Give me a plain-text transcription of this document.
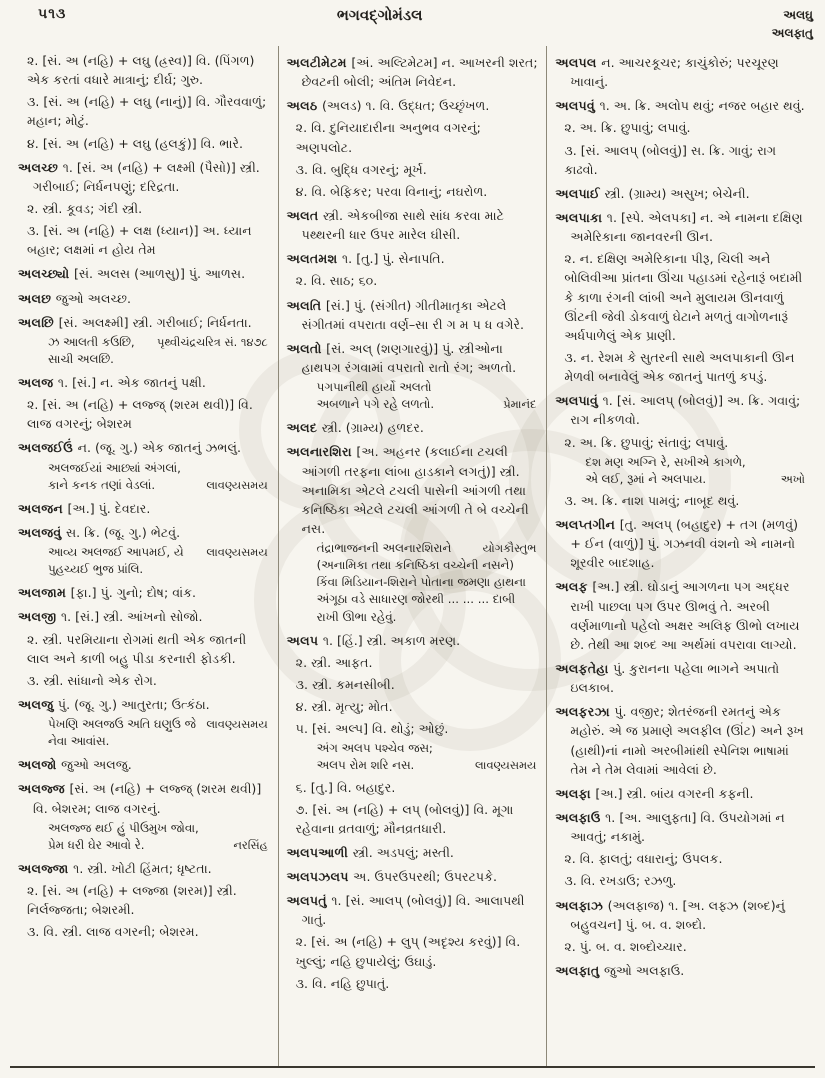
૫૧૩	ભગવદ્ગોમંડલ	અલઘુ
અલફાતુ

૨. [સં. અ (નહિ) + લઘુ (હ્રસ્વ)] વિ. (પિંગળ) એક કરતાં વધારે માત્રાનું; દીર્ઘ; ગુરુ.

૩. [સં. અ (નહિ) + લઘુ (નાનું)] વિ. ગૌરવવાળું; મહાન; મોટું.

૪. [સં. અ (નહિ) + લઘુ (હલકું)] વિ. ભારે.

અલચ્છ ૧. [સં. અ (નહિ) + લક્ષ્મી (પૈસો)] સ્ત્રી. ગરીબાઈ; નિર્ધનપણું; દરિદ્રતા.

૨. સ્ત્રી. કૂવડ; ગંદી સ્ત્રી.

૩. [સં. અ (નહિ) + લક્ષ (ધ્યાન)] અ. ધ્યાન બહાર; લક્ષમાં ન હોય તેમ

અલચ્છ્યો [સં. અલસ (આળસુ)] પું. આળસ.

અલછ જુઓ અલચ્છ.

અલછિ [સં. અલક્ષ્મી] સ્ત્રી. ગરીબાઈ; નિર્ધનતા.

પૃથ્વીચંદ્રચરિત્ર સં. ૧૪૭૮
ઝ આલતી કઉછિ, સાચી અલછિ.

અલજ ૧. [સં.] ન. એક જાતનું પક્ષી.

૨. [સં. અ (નહિ) + લજ્જ્ (શરમ થવી)] વિ. લાજ વગરનું; બેશરમ

અલજઈઉં ન. (જૂ. ગુ.) એક જાતનું ઝભલું.

અલજઈયાં આછ્યાં અંગલાં,
લાવણ્યસમય
કાને કનક તણાં વેડલાં.

અલજન [અ.] પું. દેવદાર.

અલજવું સ. ક્રિ. (જૂ. ગુ.) ભેટવું.

લાવણ્યસમય
આવ્ય અલજઈ આપમઈ, યે પુહચ્યઈ ભુજ પ્રાંલિ.

અલજામ [ફા.] પું. ગુનો; દોષ; વાંક.

અલજી ૧. [સં.] સ્ત્રી. આંખનો સોજો.

૨. સ્ત્રી. પરમિયાના રોગમાં થતી એક જાતની લાલ અને કાળી બહુ પીડા કરનારી ફોડકી.

૩. સ્ત્રી. સાંધાનો એક રોગ.

અલજુ પું. (જૂ. ગુ.) આતુરતા; ઉત્કંઠા.

લાવણ્યસમય
પેખણિ અલજઉ અતિ ઘણુઉ જે નેવા આવાંસ.

અલજો જુઓ અલજુ.

અલજ્જ [સં. અ (નહિ) + લજ્જ્ (શરમ થવી)] વિ. બેશરમ; લાજ વગરનું.

અલજ્જ થઈ હું પીઉમુખ જોવા,
નરસિંહ
પ્રેમ ધરી ઘેર આવો રે.

અલજ્જા ૧. સ્ત્રી. ખોટી હિંમત; ધૃષ્ટતા.

૨. [સં. અ (નહિ) + લજ્જા (શરમ)] સ્ત્રી. નિર્લજ્જતા; બેશરમી.

૩. વિ. સ્ત્રી. લાજ વગરની; બેશરમ.

અલટીમેટમ [અં. અલ્ટિમેટમ] ન. આખરની શરત; છેવટની બોલી; અંતિમ નિવેદન.

અલઠ (અલડ) ૧. વિ. ઉદ્ધત; ઉચ્છૃંખળ.

૨. વિ. દુનિયાદારીના અનુભવ વગરનું; અણપલોટ.

૩. વિ. બુદ્ધિ વગરનું; મૂર્ખ.

૪. વિ. બેફિકર; પરવા વિનાનું; નઘરોળ.

અલત સ્ત્રી. એકબીજા સાથે સાંધ કરવા માટે પથ્થરની ધાર ઉપર મારેલ ઘીસી.

અલતમશ ૧. [તુ.] પું. સેનાપતિ.

૨. વિ. સાઠ; ૬૦.

અલતિ [સં.] પું. (સંગીત) ગીતીમાતૃકા એટલે સંગીતમાં વપરાતા વર્ણ–સા રી ગ મ પ ધ વગેરે.

અલતો [સં. અલ્ (શણગારવું)] પું. સ્ત્રીઓના હાથપગ રંગવામાં વપરાતો રાતો રંગ; અળતો.

પગપાનીથી હાર્યો અલતો
પ્રેમાનંદ
અબળાને પગે રહે લળતો.

અલદ સ્ત્રી. (ગ્રામ્ય) હળદર.

અલનારશિરા [અ. અહનર (કલાઈના ટચલી આંગળી તરફના લાંબા હાડકાને લગતું)] સ્ત્રી. અનામિકા એટલે ટચલી પાસેની આંગળી તથા કનિષ્ઠિકા એટલે ટચલી આંગળી તે બે વચ્ચેની નસ.

યોગકૌસ્તુભ
તંદ્રાભાજનની અલનારશિરાને (અનામિકા તથા કનિષ્ઠિકા વચ્ચેની નસને) કિંવા મિડિયાન-શિરાને પોતાના જમણા હાથના અંગૂઠા વડે સાધારણ જોરથી ... ... ... દાબી રાખી ઊભા રહેવું.

અલપ ૧. [હિં.] સ્ત્રી. અકાળ મરણ.

૨. સ્ત્રી. આફત.

૩. સ્ત્રી. કમનસીબી.

૪. સ્ત્રી. મૃત્યુ; મોત.

૫. [સં. અલ્પ] વિ. થોડું; ઓછું.

અંગ અલપ પશ્ચેવ જસ;
લાવણ્યસમય
અલપ રોમ શરિ નસ.

૬. [તુ.] વિ. બહાદુર.

૭. [સં. અ (નહિ) + લપ્ (બોલવું)] વિ. મૂગા રહેવાના વ્રતવાળું; મૌનવ્રતધારી.

અલપઆળી સ્ત્રી. અડપલું; મસ્તી.

અલપઝલપ અ. ઉપરઉપરથી; ઉપરટપકે.

અલપતું ૧. [સં. આલપ્ (બોલવું)] વિ. આલાપથી ગાતું.

૨. [સં. અ (નહિ) + લુપ્ (અદૃશ્ય કરવું)] વિ. ખુલ્લું; નહિ છુપાયેલું; ઉઘાડું.

૩. વિ. નહિ છુપાતું.

અલપલ ન. આચરકૂચર; કાચુંકોરું; પરચૂરણ ખાવાનું.

અલપવું ૧. અ. ક્રિ. અલોપ થવું; નજર બહાર થવું.

૨. અ. ક્રિ. છુપાવું; લપાવું.

૩. [સં. આલપ્ (બોલવું)] સ. ક્રિ. ગાવું; રાગ કાઢવો.

અલપાઈ સ્ત્રી. (ગ્રામ્ય) અસુખ; બેચેની.

અલપાકા ૧. [સ્પે. એલપકા] ન. એ નામના દક્ષિણ અમેરિકાના જાનવરની ઊન.

૨. ન. દક્ષિણ અમેરિકાના પીરૂ, ચિલી અને બોલિવીઆ પ્રાંતના ઊંચા પહાડમાં રહેનારૂં બદામી કે કાળા રંગની લાંબી અને મુલાયમ ઊનવાળું ઊંટની જેવી ડોકવાળું ઘેટાને મળતું વાગોળનારૂં અર્ધપાળેલું એક પ્રાણી.

૩. ન. રેશમ કે સુતરની સાથે અલપાકાની ઊન મેળવી બનાવેલું એક જાતનું પાતળું કપડું.

અલપાવું ૧. [સં. આલપ્ (બોલવું)] અ. ક્રિ. ગવાવું; રાગ નીકળવો.

૨. અ. ક્રિ. છુપાવું; સંતાવું; લપાવું.

દશ મણ અગ્નિ રે, સખીએ કાગળે,
અખો
એ લઈ, રૂમાં ને અલપાય.

૩. અ. ક્રિ. નાશ પામવું; નાબૂદ થવું.

અલપ્તગીન [તુ. અલપ્ (બહાદુર) + તગ (મળવું) + ઈન (વાળું)] પું. ગઝનવી વંશનો એ નામનો શૂરવીર બાદશાહ.

અલફ [અ.] સ્ત્રી. ઘોડાનું આગળના પગ અદ્ધર રાખી પાછલા પગ ઉપર ઊભવું તે. અરબી વર્ણમાળાનો પહેલો અક્ષર અલિફ ઊભો લખાય છે. તેથી આ શબ્દ આ અર્થમાં વપરાવા લાગ્યો.

અલફતેહા પું. કુરાનના પહેલા ભાગને અપાતો ઇલકાબ.

અલફરઝા પું. વજીર; શેતરંજની રમતનું એક મહોરું. એ જ પ્રમાણે અલફીલ (ઊંટ) અને રૂખ (હાથી)નાં નામો અરબીમાંથી સ્પેનિશ ભાષામાં તેમ ને તેમ લેવામાં આવેલાં છે.

અલફા [અ.] સ્ત્રી. બાંય વગરની કફની.

અલફાઉ ૧. [અ. આલુફતા] વિ. ઉપયોગમાં ન આવતું; નકામું.

૨. વિ. ફાલતું; વધારાનું; ઉપલક.

૩. વિ. રખડાઉ; રઝળુ.

અલફાઝ (અલફાજ) ૧. [અ. લફ્ઝ (શબ્દ)નું બહુવચન] પું. બ. વ. શબ્દો.

૨. પું. બ. વ. શબ્દોચ્ચાર.

અલફાતુ જુઓ અલફાઉ.
